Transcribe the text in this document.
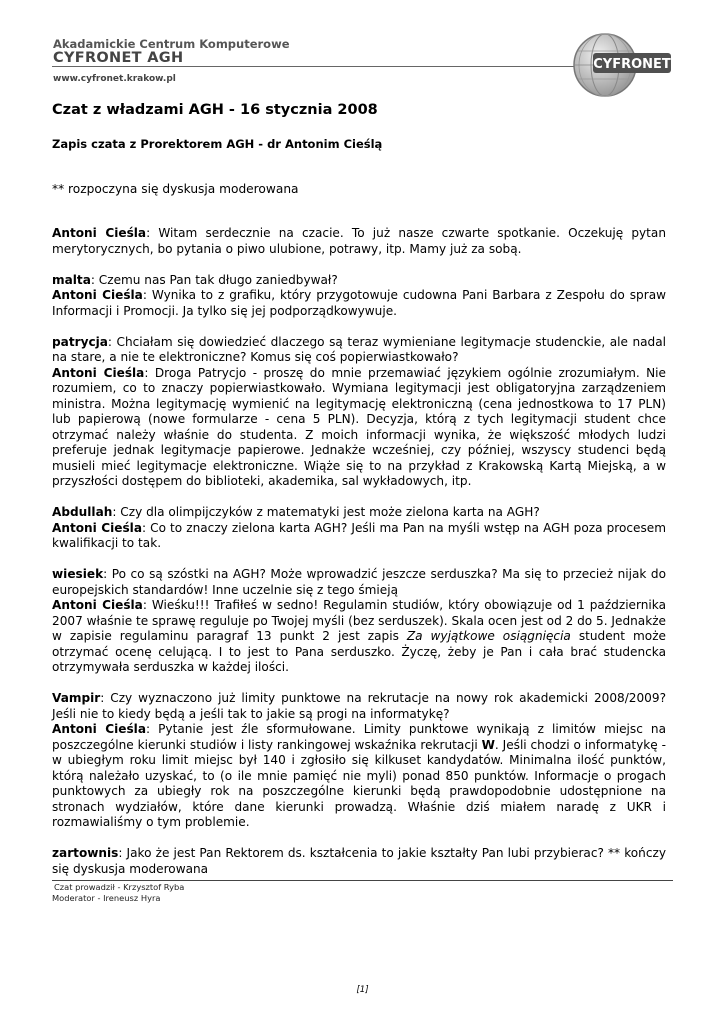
Akadamickie Centrum Komputerowe
CYFRONET AGH
www.cyfronet.krakow.pl
CYFRONET
Czat z władzami AGH - 16 stycznia 2008
Zapis czata z Prorektorem AGH - dr Antonim Cieślą

** rozpoczyna się dyskusja moderowana

Antoni Cieśla: Witam serdecznie na czacie. To już nasze czwarte spotkanie. Oczekuję pytan merytorycznych, bo pytania o piwo ulubione, potrawy, itp. Mamy już za sobą.

malta: Czemu nas Pan tak długo zaniedbywał?
Antoni Cieśla: Wynika to z grafiku, który przygotowuje cudowna Pani Barbara z Zespołu do spraw Informacji i Promocji. Ja tylko się jej podporządkowywuje.

patrycja: Chciałam się dowiedzieć dlaczego są teraz wymieniane legitymacje studenckie, ale nadal na stare, a nie te elektroniczne? Komus się coś popierwiastkowało?
Antoni Cieśla: Droga Patrycjo - proszę do mnie przemawiać językiem ogólnie zrozumiałym. Nie rozumiem, co to znaczy popierwiastkowało. Wymiana legitymacji jest obligatoryjna zarządzeniem ministra. Można legitymację wymienić na legitymację elektroniczną (cena jednostkowa to 17 PLN) lub papierową (nowe formularze - cena 5 PLN). Decyzja, którą z tych legitymacji student chce otrzymać należy właśnie do studenta. Z moich informacji wynika, że większość młodych ludzi preferuje jednak legitymacje papierowe. Jednakże wcześniej, czy później, wszyscy studenci będą musieli mieć legitymacje elektroniczne. Wiąże się to na przykład z Krakowską Kartą Miejską, a w przyszłości dostępem do biblioteki, akademika, sal wykładowych, itp.

Abdullah: Czy dla olimpijczyków z matematyki jest może zielona karta na AGH?
Antoni Cieśla: Co to znaczy zielona karta AGH? Jeśli ma Pan na myśli wstęp na AGH poza procesem kwalifikacji to tak.

wiesiek: Po co są szóstki na AGH? Może wprowadzić jeszcze serduszka? Ma się to przecież nijak do europejskich standardów! Inne uczelnie się z tego śmieją
Antoni Cieśla: Wieśku!!! Trafiłeś w sedno! Regulamin studiów, który obowiązuje od 1 października 2007 właśnie te sprawę reguluje po Twojej myśli (bez serduszek). Skala ocen jest od 2 do 5. Jednakże w zapisie regulaminu paragraf 13 punkt 2 jest zapis Za wyjątkowe osiągnięcia student może otrzymać ocenę celującą. I to jest to Pana serduszko. Życzę, żeby je Pan i cała brać studencka otrzymywała serduszka w każdej ilości.

Vampir: Czy wyznaczono już limity punktowe na rekrutacje na nowy rok akademicki 2008/2009? Jeśli nie to kiedy będą a jeśli tak to jakie są progi na informatykę?
Antoni Cieśla: Pytanie jest źle sformułowane. Limity punktowe wynikają z limitów miejsc na poszczególne kierunki studiów i listy rankingowej wskaźnika rekrutacji W. Jeśli chodzi o informatykę - w ubiegłym roku limit miejsc był 140 i zgłosiło się kilkuset kandydatów. Minimalna ilość punktów, którą należało uzyskać, to (o ile mnie pamięć nie myli) ponad 850 punktów. Informacje o progach punktowych za ubiegły rok na poszczególne kierunki będą prawdopodobnie udostępnione na stronach wydziałów, które dane kierunki prowadzą. Właśnie dziś miałem naradę z UKR i rozmawialiśmy o tym problemie.

zartownis: Jako że jest Pan Rektorem ds. kształcenia to jakie kształty Pan lubi przybierac? ** kończy się dyskusja moderowana

Czat prowadził - Krzysztof Ryba
Moderator - Ireneusz Hyra
[1]
